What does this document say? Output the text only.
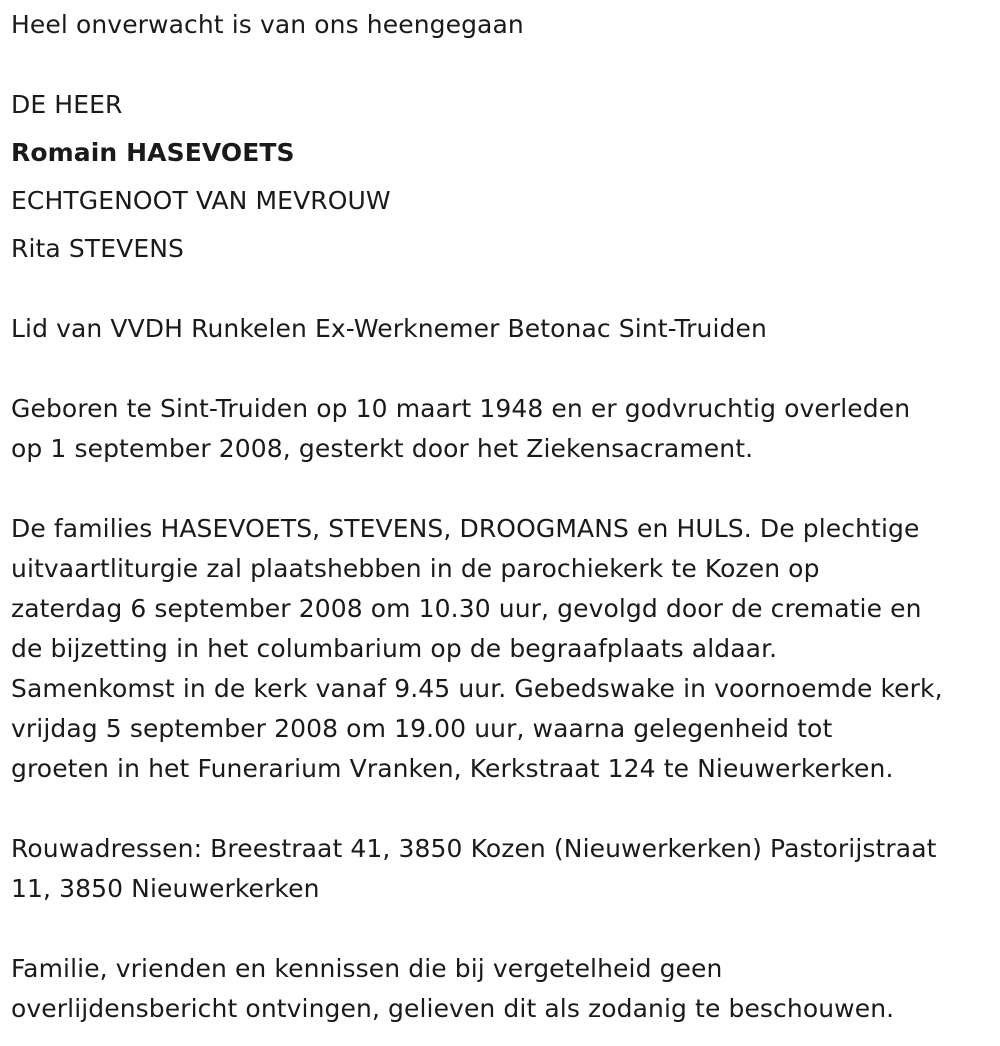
Heel onverwacht is van ons heengegaan
DE HEER
Romain HASEVOETS
ECHTGENOOT VAN MEVROUW
Rita STEVENS
Lid van VVDH Runkelen Ex-Werknemer Betonac Sint-Truiden
Geboren te Sint-Truiden op 10 maart 1948 en er godvruchtig overleden
op 1 september 2008, gesterkt door het Ziekensacrament.
De families HASEVOETS, STEVENS, DROOGMANS en HULS. De plechtige
uitvaartliturgie zal plaatshebben in de parochiekerk te Kozen op
zaterdag 6 september 2008 om 10.30 uur, gevolgd door de crematie en
de bijzetting in het columbarium op de begraafplaats aldaar.
Samenkomst in de kerk vanaf 9.45 uur. Gebedswake in voornoemde kerk,
vrijdag 5 september 2008 om 19.00 uur, waarna gelegenheid tot
groeten in het Funerarium Vranken, Kerkstraat 124 te Nieuwerkerken.
Rouwadressen: Breestraat 41, 3850 Kozen (Nieuwerkerken) Pastorijstraat
11, 3850 Nieuwerkerken
Familie, vrienden en kennissen die bij vergetelheid geen
overlijdensbericht ontvingen, gelieven dit als zodanig te beschouwen.
